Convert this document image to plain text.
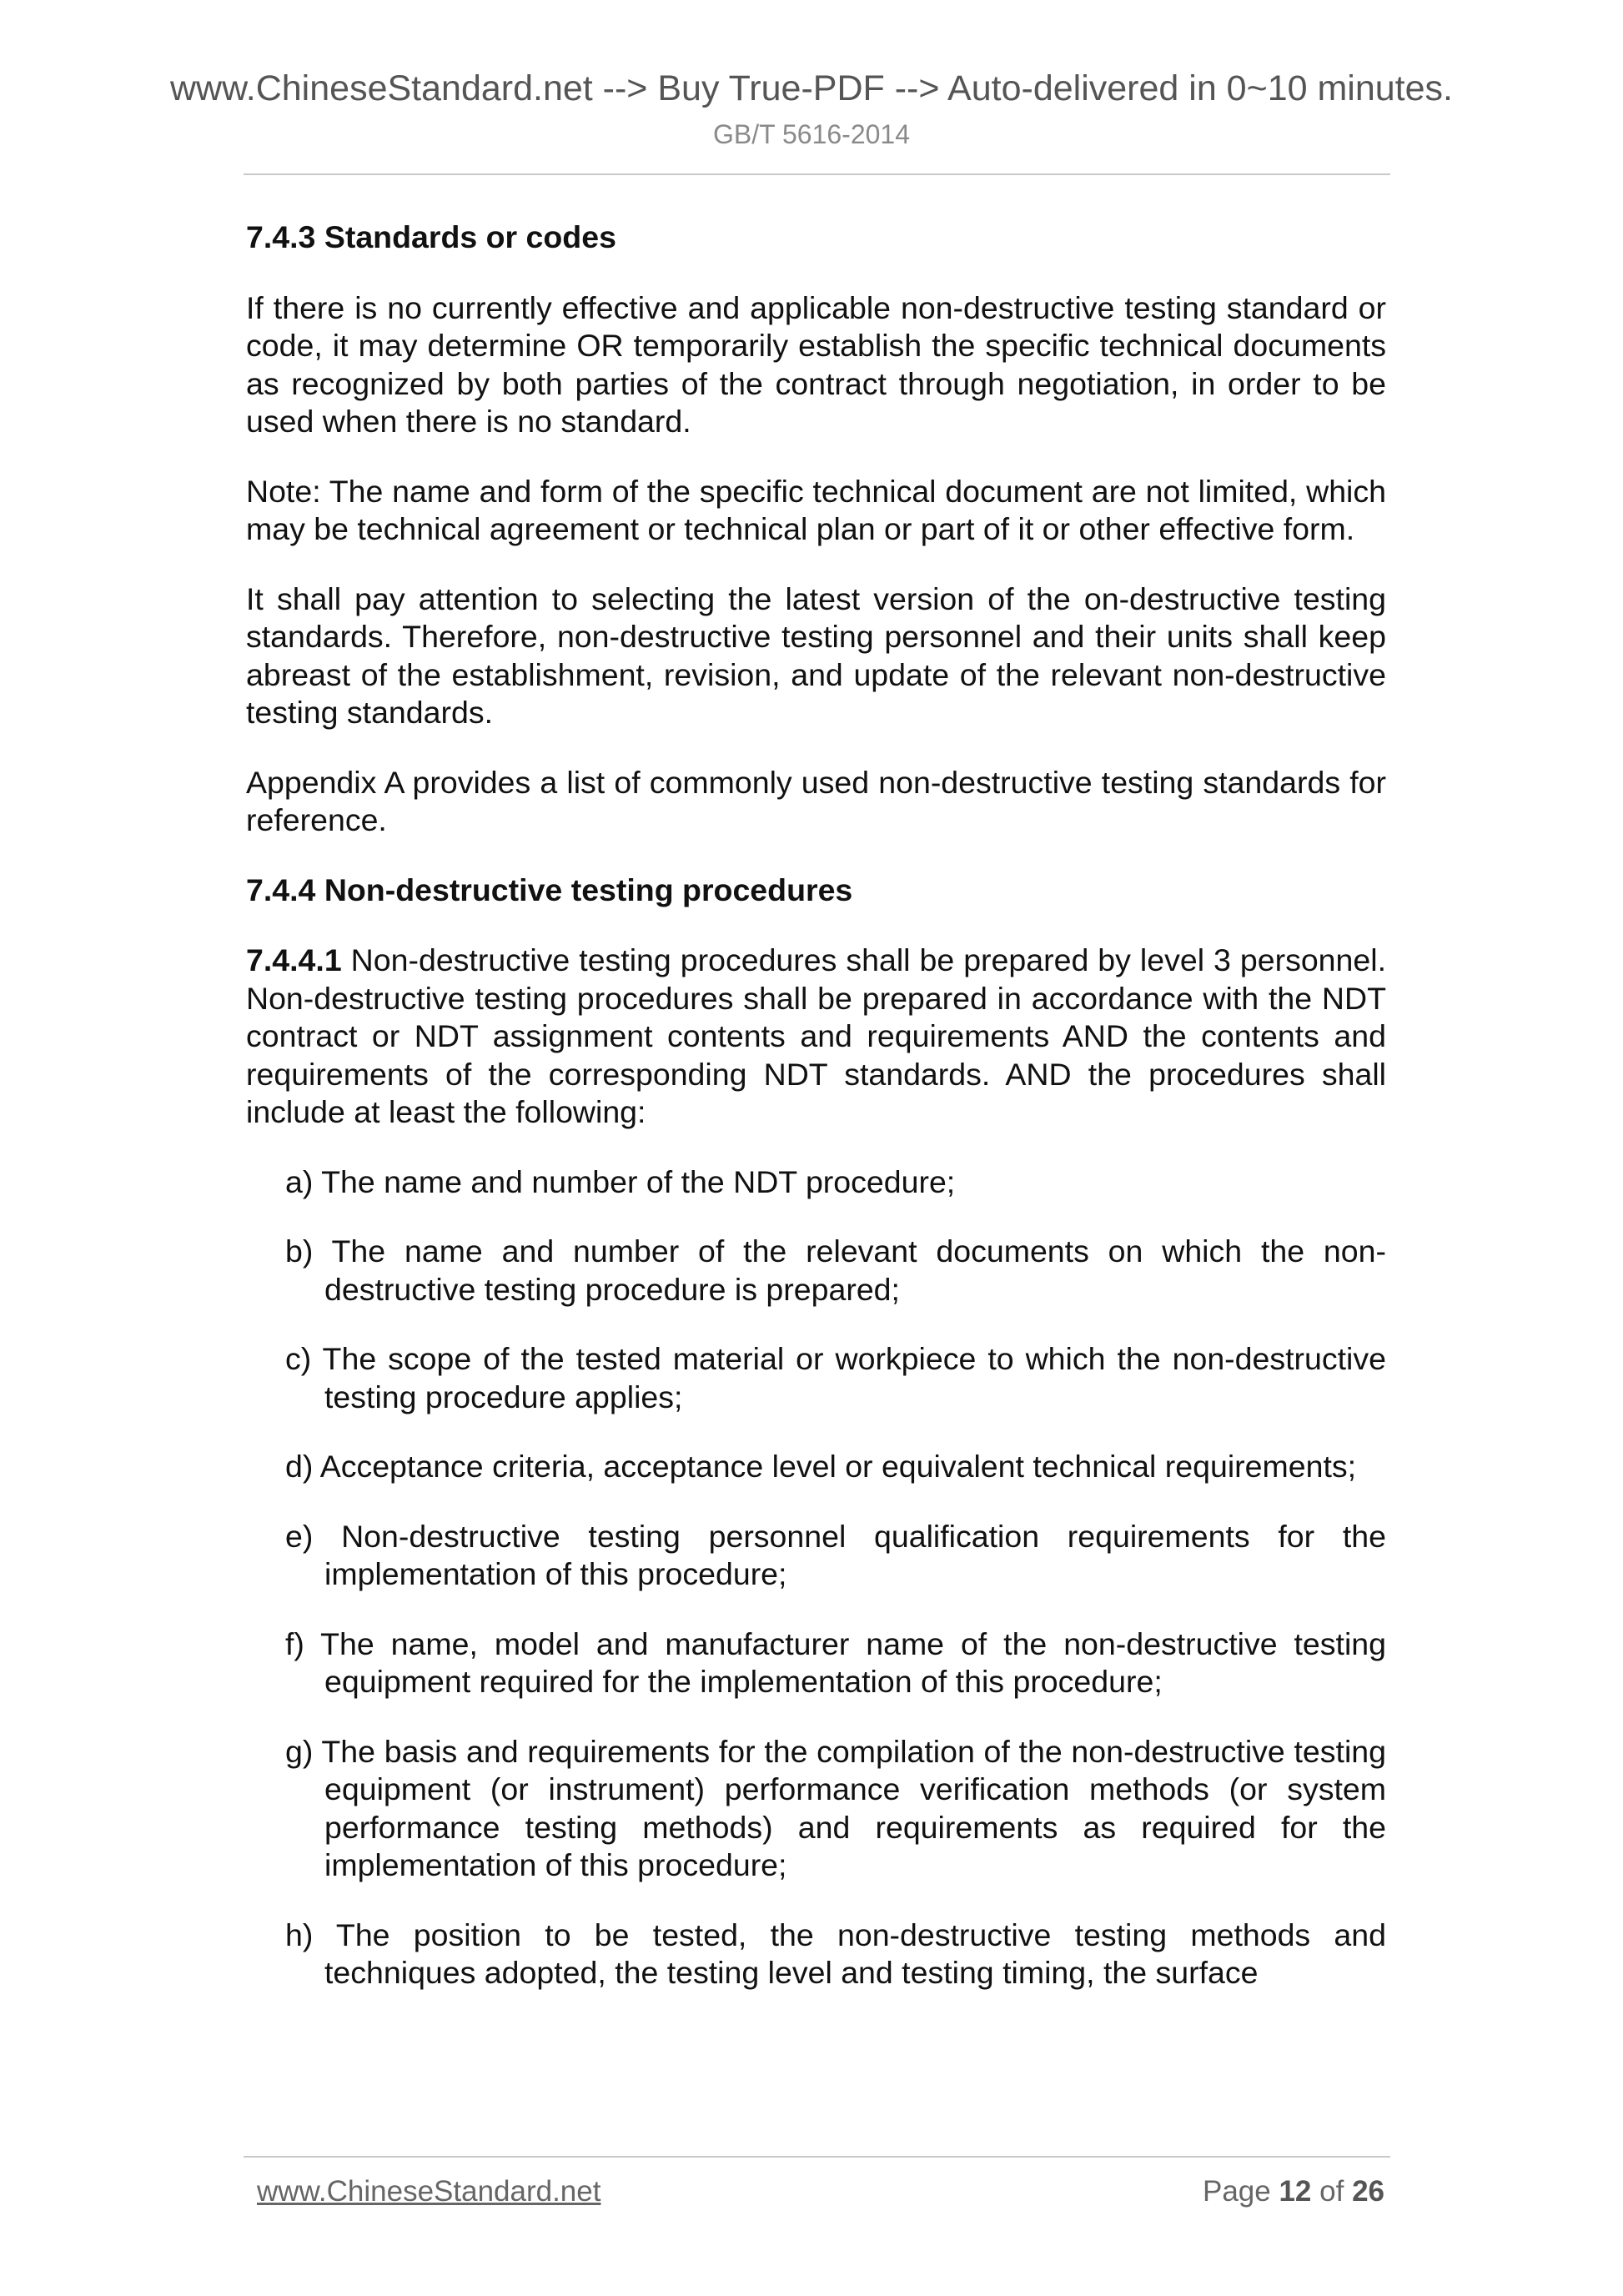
www.ChineseStandard.net --> Buy True-PDF --> Auto-delivered in 0~10 minutes.
GB/T 5616-2014

7.4.3 Standards or codes

If there is no currently effective and applicable non-destructive testing standard or code, it may determine OR temporarily establish the specific technical documents as recognized by both parties of the contract through negotiation, in order to be used when there is no standard.

Note: The name and form of the specific technical document are not limited, which may be technical agreement or technical plan or part of it or other effective form.

It shall pay attention to selecting the latest version of the on-destructive testing standards. Therefore, non-destructive testing personnel and their units shall keep abreast of the establishment, revision, and update of the relevant non-destructive testing standards.

Appendix A provides a list of commonly used non-destructive testing standards for reference.

7.4.4 Non-destructive testing procedures

7.4.4.1 Non-destructive testing procedures shall be prepared by level 3 personnel. Non-destructive testing procedures shall be prepared in accordance with the NDT contract or NDT assignment contents and requirements AND the contents and requirements of the corresponding NDT standards. AND the procedures shall include at least the following:

a) The name and number of the NDT procedure;
b) The name and number of the relevant documents on which the non-destructive testing procedure is prepared;
c) The scope of the tested material or workpiece to which the non-destructive testing procedure applies;
d) Acceptance criteria, acceptance level or equivalent technical requirements;
e) Non-destructive testing personnel qualification requirements for the implementation of this procedure;
f) The name, model and manufacturer name of the non-destructive testing equipment required for the implementation of this procedure;
g) The basis and requirements for the compilation of the non-destructive testing equipment (or instrument) performance verification methods (or system performance testing methods) and requirements as required for the implementation of this procedure;
h) The position to be tested, the non-destructive testing methods and techniques adopted, the testing level and testing timing, the surface
www.ChineseStandard.net	Page 12 of 26
